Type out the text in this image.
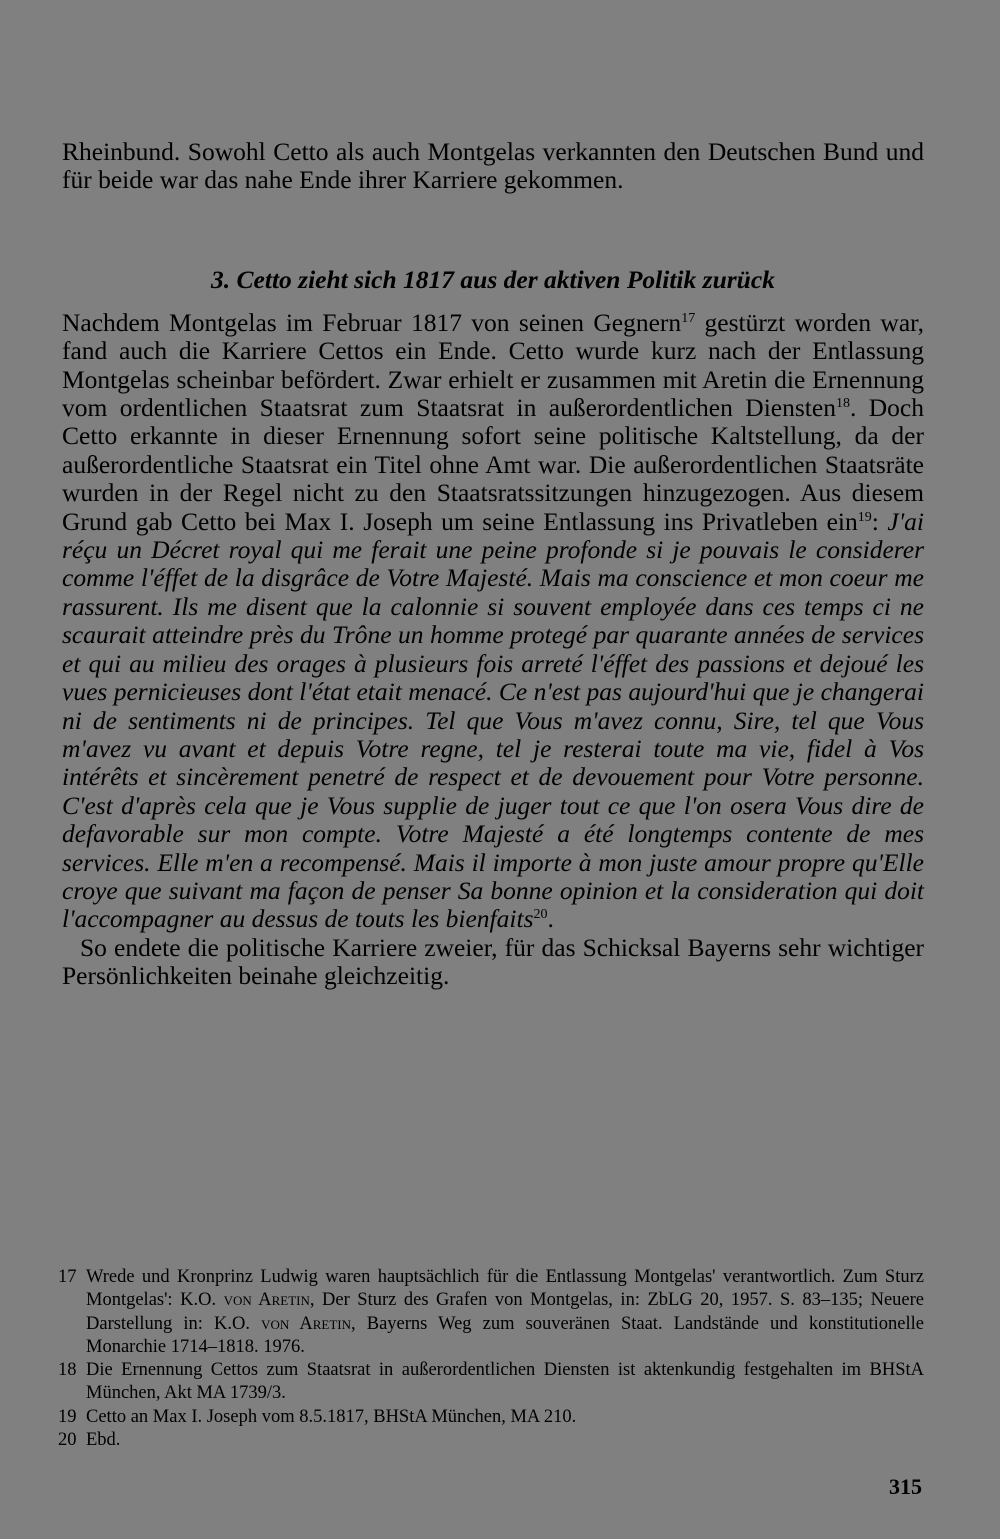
Rheinbund. Sowohl Cetto als auch Montgelas verkannten den Deutschen Bund und für beide war das nahe Ende ihrer Karriere gekommen.

3. Cetto zieht sich 1817 aus der aktiven Politik zurück

Nachdem Montgelas im Februar 1817 von seinen Gegnern$^{17}$ gestürzt worden war, fand auch die Karriere Cettos ein Ende. Cetto wurde kurz nach der Entlassung Montgelas scheinbar befördert. Zwar erhielt er zusammen mit Aretin die Ernennung vom ordentlichen Staatsrat zum Staatsrat in außerordentlichen Diensten$^{18}$. Doch Cetto erkannte in dieser Ernennung sofort seine politische Kaltstellung, da der außerordentliche Staatsrat ein Titel ohne Amt war. Die außerordentlichen Staatsräte wurden in der Regel nicht zu den Staatsratssitzungen hinzugezogen. Aus diesem Grund gab Cetto bei Max I. Joseph um seine Entlassung ins Privatleben ein$^{19}$: J'ai réçu un Décret royal qui me ferait une peine profonde si je pouvais le considerer comme l'éffet de la disgrâce de Votre Majesté. Mais ma conscience et mon coeur me rassurent. Ils me disent que la calonnie si souvent employée dans ces temps ci ne scaurait atteindre près du Trône un homme protegé par quarante années de services et qui au milieu des orages à plusieurs fois arreté l'éffet des passions et dejoué les vues pernicieuses dont l'état etait menacé. Ce n'est pas aujourd'hui que je changerai ni de sentiments ni de principes. Tel que Vous m'avez connu, Sire, tel que Vous m'avez vu avant et depuis Votre regne, tel je resterai toute ma vie, fidel à Vos intérêts et sincèrement penetré de respect et de devouement pour Votre personne. C'est d'après cela que je Vous supplie de juger tout ce que l'on osera Vous dire de defavorable sur mon compte. Votre Majesté a été longtemps contente de mes services. Elle m'en a recompensé. Mais il importe à mon juste amour propre qu'Elle croye que suivant ma façon de penser Sa bonne opinion et la consideration qui doit l'accompagner au dessus de touts les bienfaits$^{20}$.

So endete die politische Karriere zweier, für das Schicksal Bayerns sehr wichtiger Persönlichkeiten beinahe gleichzeitig.

17 Wrede und Kronprinz Ludwig waren hauptsächlich für die Entlassung Montgelas' verantwortlich. Zum Sturz Montgelas': K.O. von Aretin, Der Sturz des Grafen von Montgelas, in: ZbLG 20, 1957. S. 83–135; Neuere Darstellung in: K.O. von Aretin, Bayerns Weg zum souveränen Staat. Landstände und konstitutionelle Monarchie 1714–1818. 1976.
18 Die Ernennung Cettos zum Staatsrat in außerordentlichen Diensten ist aktenkundig festgehalten im BHStA München, Akt MA 1739/3.
19 Cetto an Max I. Joseph vom 8.5.1817, BHStA München, MA 210.
20 Ebd.
315
